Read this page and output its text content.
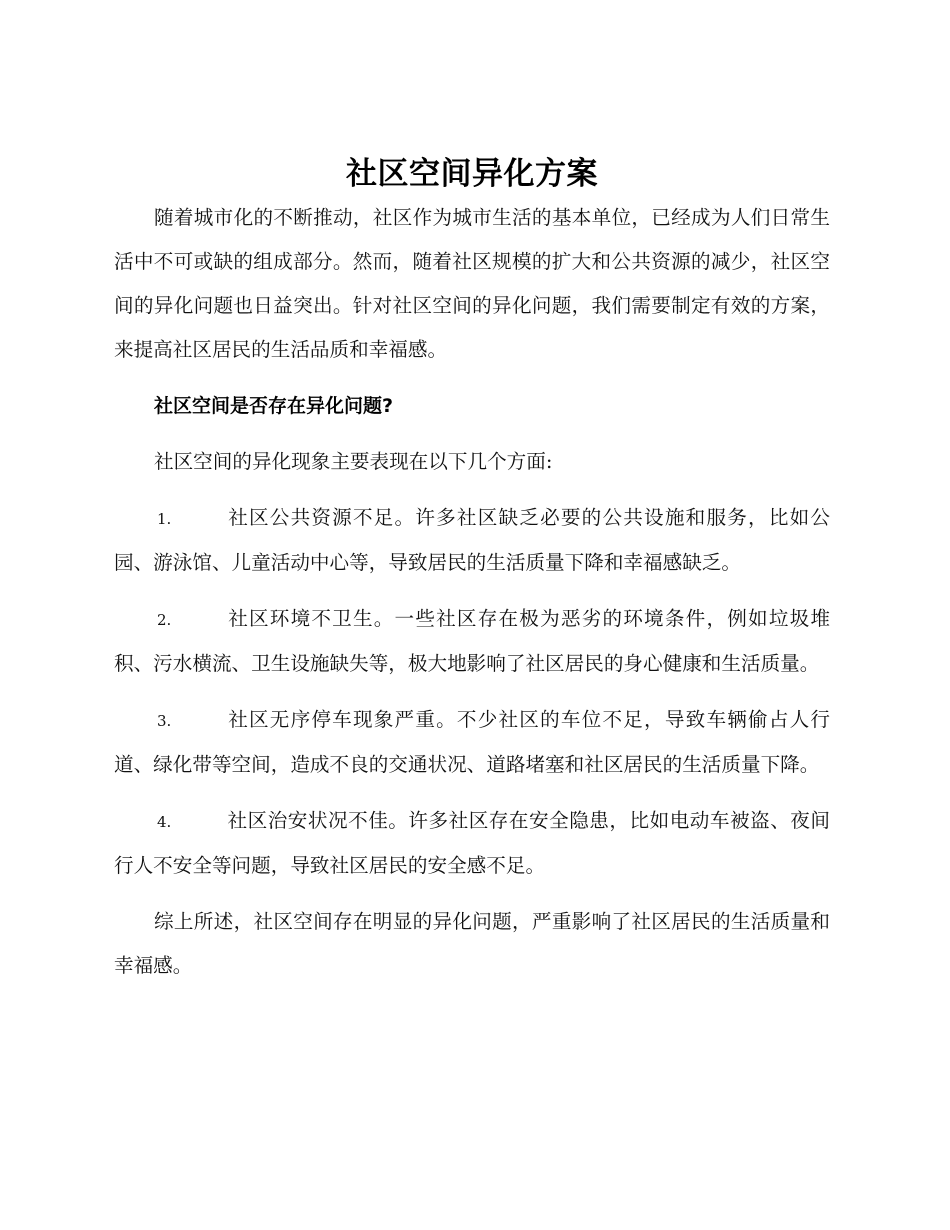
社区空间异化方案

随着城市化的不断推动，社区作为城市生活的基本单位，已经成为人们日常生活中不可或缺的组成部分。然而，随着社区规模的扩大和公共资源的减少，社区空间的异化问题也日益突出。针对社区空间的异化问题，我们需要制定有效的方案，来提高社区居民的生活品质和幸福感。

社区空间是否存在异化问题?

社区空间的异化现象主要表现在以下几个方面:

1.	社区公共资源不足。许多社区缺乏必要的公共设施和服务，比如公园、游泳馆、儿童活动中心等，导致居民的生活质量下降和幸福感缺乏。

2.	社区环境不卫生。一些社区存在极为恶劣的环境条件，例如垃圾堆积、污水横流、卫生设施缺失等，极大地影响了社区居民的身心健康和生活质量。

3.	社区无序停车现象严重。不少社区的车位不足，导致车辆偷占人行道、绿化带等空间，造成不良的交通状况、道路堵塞和社区居民的生活质量下降。

4.	社区治安状况不佳。许多社区存在安全隐患，比如电动车被盗、夜间行人不安全等问题，导致社区居民的安全感不足。

综上所述，社区空间存在明显的异化问题，严重影响了社区居民的生活质量和幸福感。
